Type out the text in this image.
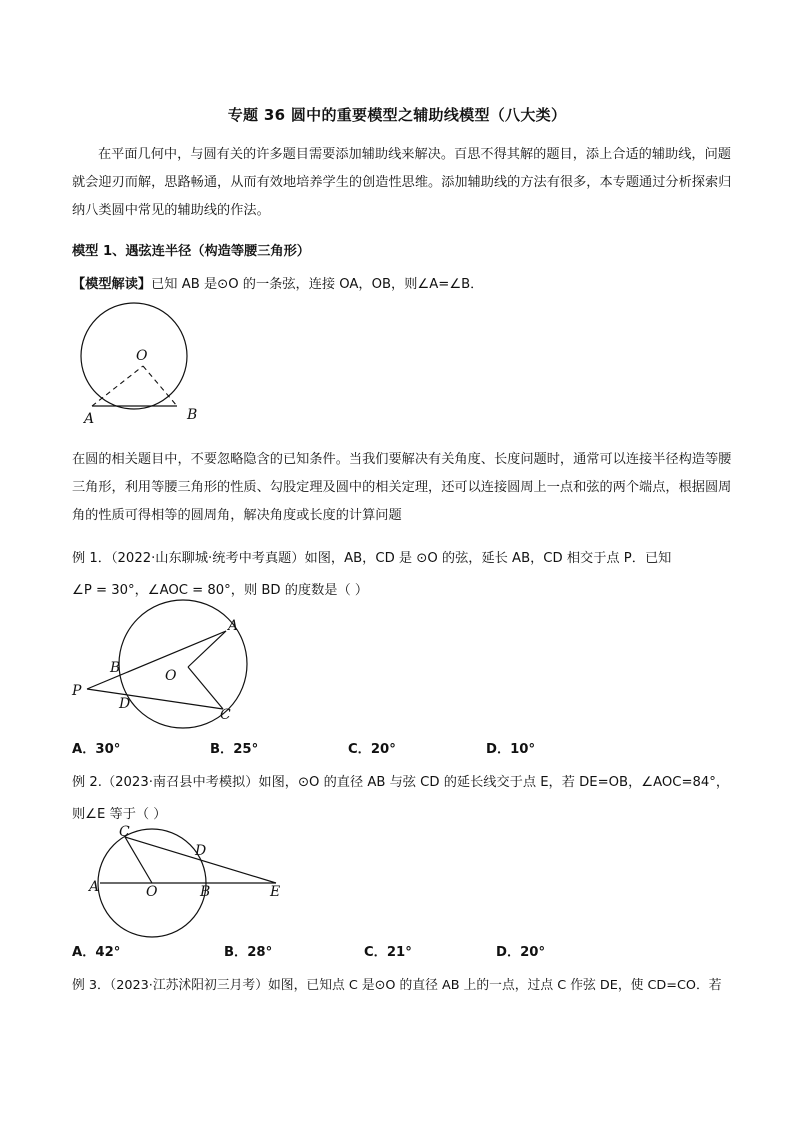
专题 36 圆中的重要模型之辅助线模型（八大类）

在平面几何中，与圆有关的许多题目需要添加辅助线来解决。百思不得其解的题目，添上合适的辅助线，问题就会迎刃而解，思路畅通，从而有效地培养学生的创造性思维。添加辅助线的方法有很多，本专题通过分析探索归纳八类圆中常见的辅助线的作法。

模型 1、遇弦连半径（构造等腰三角形）
【模型解读】已知 AB 是⊙O 的一条弦，连接 OA，OB，则∠A=∠B．
O
A	B

在圆的相关题目中，不要忽略隐含的已知条件。当我们要解决有关角度、长度问题时，通常可以连接半径构造等腰三角形，利用等腰三角形的性质、勾股定理及圆中的相关定理，还可以连接圆周上一点和弦的两个端点，根据圆周角的性质可得相等的圆周角，解决角度或长度的计算问题

例 1．（2022·山东聊城·统考中考真题）如图，AB，CD 是 ⊙O 的弦，延长 AB，CD 相交于点 P．已知
∠P = 30°，∠AOC = 80°，则 BD 的度数是（ ）
A
B	O
P
D
C
A．30°	B．25°	C．20°	D．10°
例 2.（2023·南召县中考模拟）如图，⊙O 的直径 AB 与弦 CD 的延长线交于点 E，若 DE=OB，∠AOC=84°，
则∠E 等于（ ）
C
D
A	O	B	E
A．42°	B．28°	C．21°	D．20°
例 3．（2023·江苏沭阳初三月考）如图，已知点 C 是⊙O 的直径 AB 上的一点，过点 C 作弦 DE，使 CD=CO．若
